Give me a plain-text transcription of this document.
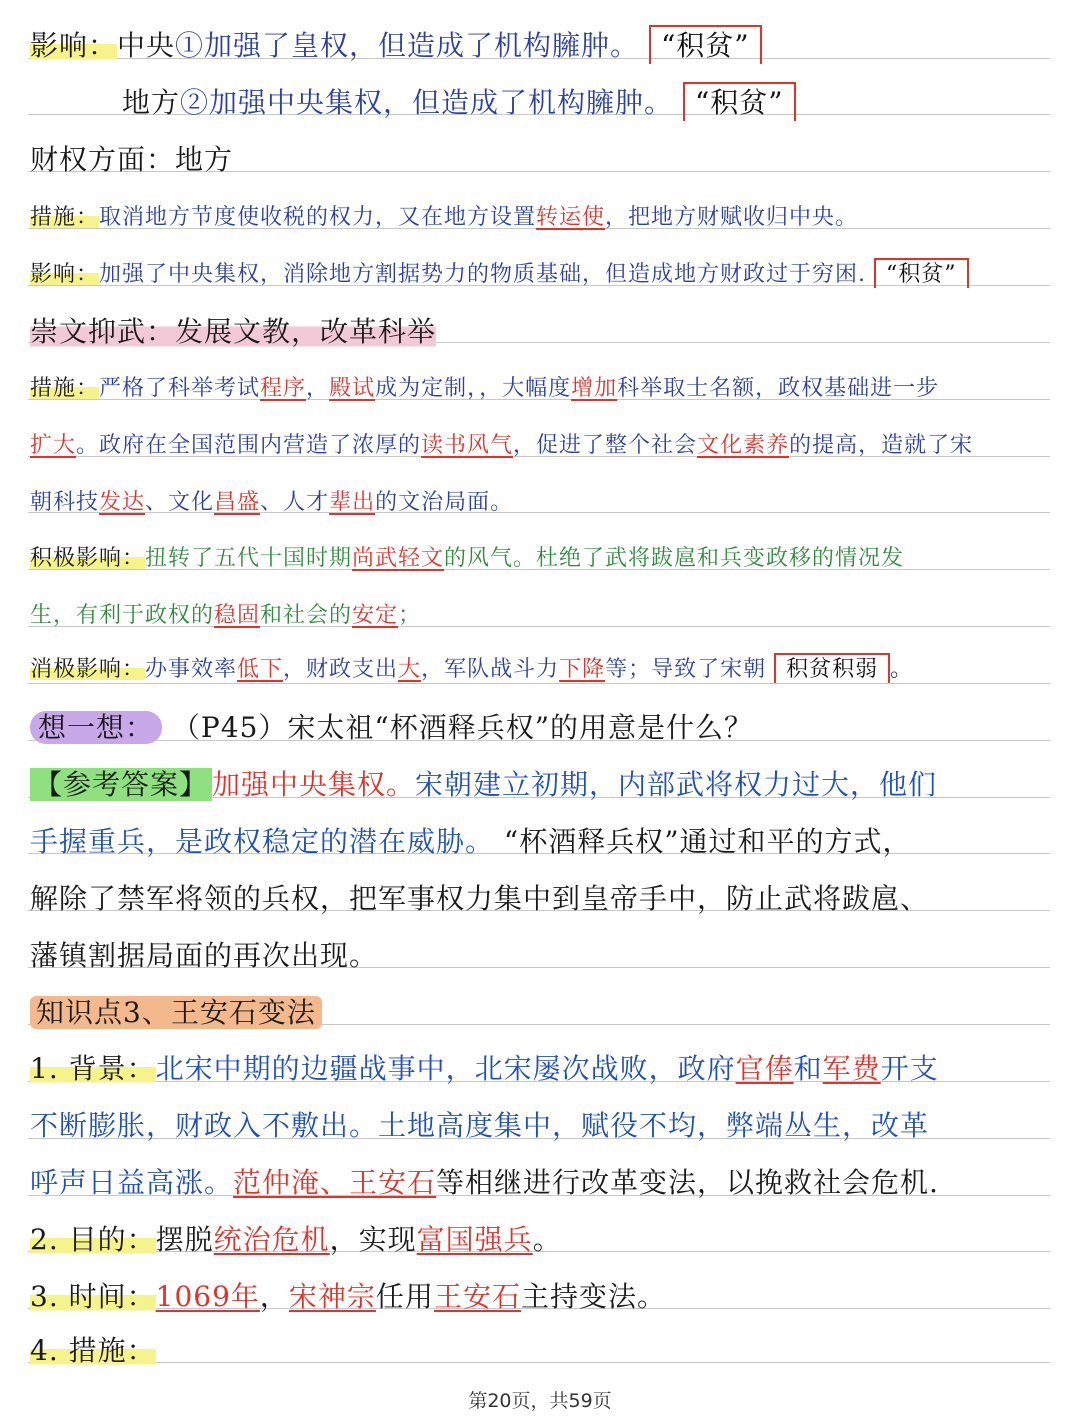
影响：中央①加强了皇权，但造成了机构臃肿。 “积贫”
地方②加强中央集权，但造成了机构臃肿。 “积贫”
财权方面：地方
措施：取消地方节度使收税的权力，又在地方设置转运使，把地方财赋收归中央。
影响：加强了中央集权，消除地方割据势力的物质基础，但造成地方财政过于穷困. “积贫”
崇文抑武：发展文教，改革科举
措施：严格了科举考试程序，殿试成为定制，，大幅度增加科举取士名额，政权基础进一步
扩大。政府在全国范围内营造了浓厚的读书风气，促进了整个社会文化素养的提高，造就了宋
朝科技发达、文化昌盛、人才辈出的文治局面。
积极影响：扭转了五代十国时期尚武轻文的风气。杜绝了武将跋扈和兵变政移的情况发
生，有利于政权的稳固和社会的安定；
消极影响：办事效率低下，财政支出大，军队战斗力下降等；导致了宋朝 积贫积弱 。
想一想： （P45）宋太祖“杯酒释兵权”的用意是什么？
【参考答案】 加强中央集权。宋朝建立初期，内部武将权力过大，他们
手握重兵，是政权稳定的潜在威胁。 “杯酒释兵权”通过和平的方式，
解除了禁军将领的兵权，把军事权力集中到皇帝手中，防止武将跋扈、
藩镇割据局面的再次出现。
知识点3、王安石变法
1. 背景：北宋中期的边疆战事中，北宋屡次战败，政府官俸和军费开支
不断膨胀，财政入不敷出。土地高度集中，赋役不均，弊端丛生，改革
呼声日益高涨。范仲淹、王安石等相继进行改革变法，以挽救社会危机.
2. 目的：摆脱统治危机，实现富国强兵。
3. 时间：1069年，宋神宗任用王安石主持变法。
4. 措施：
第20页，共59页
